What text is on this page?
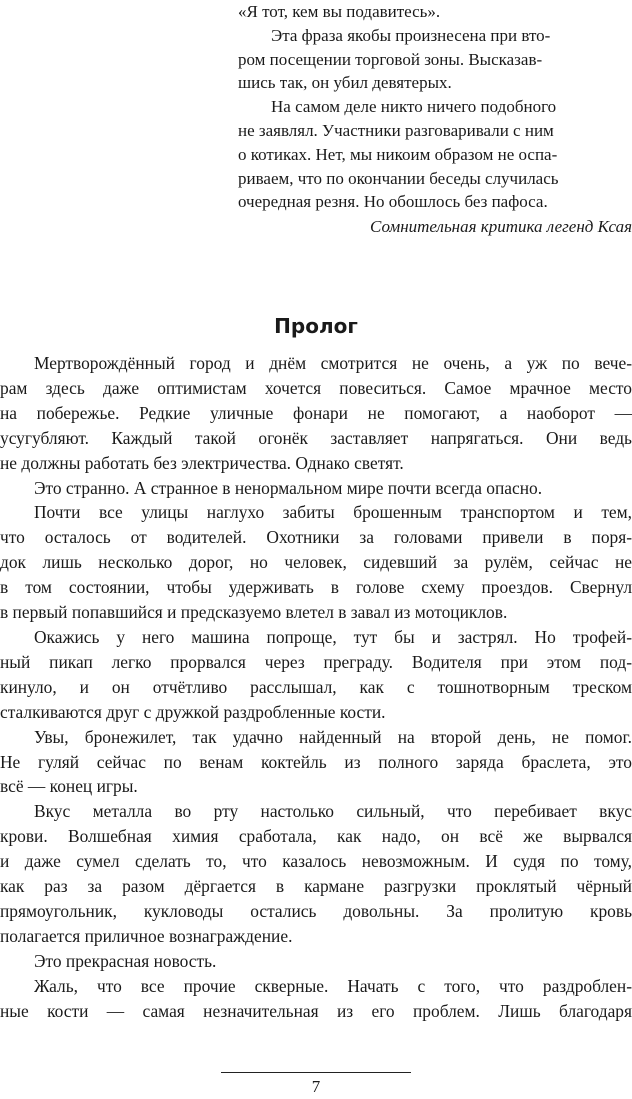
«Я тот, кем вы подавитесь».
Эта фраза якобы произнесена при вто-
ром посещении торговой зоны. Высказав-
шись так, он убил девятерых.
На самом деле никто ничего подобного
не заявлял. Участники разговаривали с ним
о котиках. Нет, мы никоим образом не оспа-
риваем, что по окончании беседы случилась
очередная резня. Но обошлось без пафоса.
Сомнительная критика легенд Ксая
Пролог
Мертворождённый город и днём смотрится не очень, а уж по вече-
рам здесь даже оптимистам хочется повеситься. Самое мрачное место
на побережье. Редкие уличные фонари не помогают, а наоборот —
усугубляют. Каждый такой огонёк заставляет напрягаться. Они ведь
не должны работать без электричества. Однако светят.
Это странно. А странное в ненормальном мире почти всегда опасно.
Почти все улицы наглухо забиты брошенным транспортом и тем,
что осталось от водителей. Охотники за головами привели в поря-
док лишь несколько дорог, но человек, сидевший за рулём, сейчас не
в том состоянии, чтобы удерживать в голове схему проездов. Свернул
в первый попавшийся и предсказуемо влетел в завал из мотоциклов.
Окажись у него машина попроще, тут бы и застрял. Но трофей-
ный пикап легко прорвался через преграду. Водителя при этом под-
кинуло, и он отчётливо расслышал, как с тошнотворным треском
сталкиваются друг с дружкой раздробленные кости.
Увы, бронежилет, так удачно найденный на второй день, не помог.
Не гуляй сейчас по венам коктейль из полного заряда браслета, это
всё — конец игры.
Вкус металла во рту настолько сильный, что перебивает вкус
крови. Волшебная химия сработала, как надо, он всё же вырвался
и даже сумел сделать то, что казалось невозможным. И судя по тому,
как раз за разом дёргается в кармане разгрузки проклятый чёрный
прямоугольник, кукловоды остались довольны. За пролитую кровь
полагается приличное вознаграждение.
Это прекрасная новость.
Жаль, что все прочие скверные. Начать с того, что раздроблен-
ные кости — самая незначительная из его проблем. Лишь благодаря
7
